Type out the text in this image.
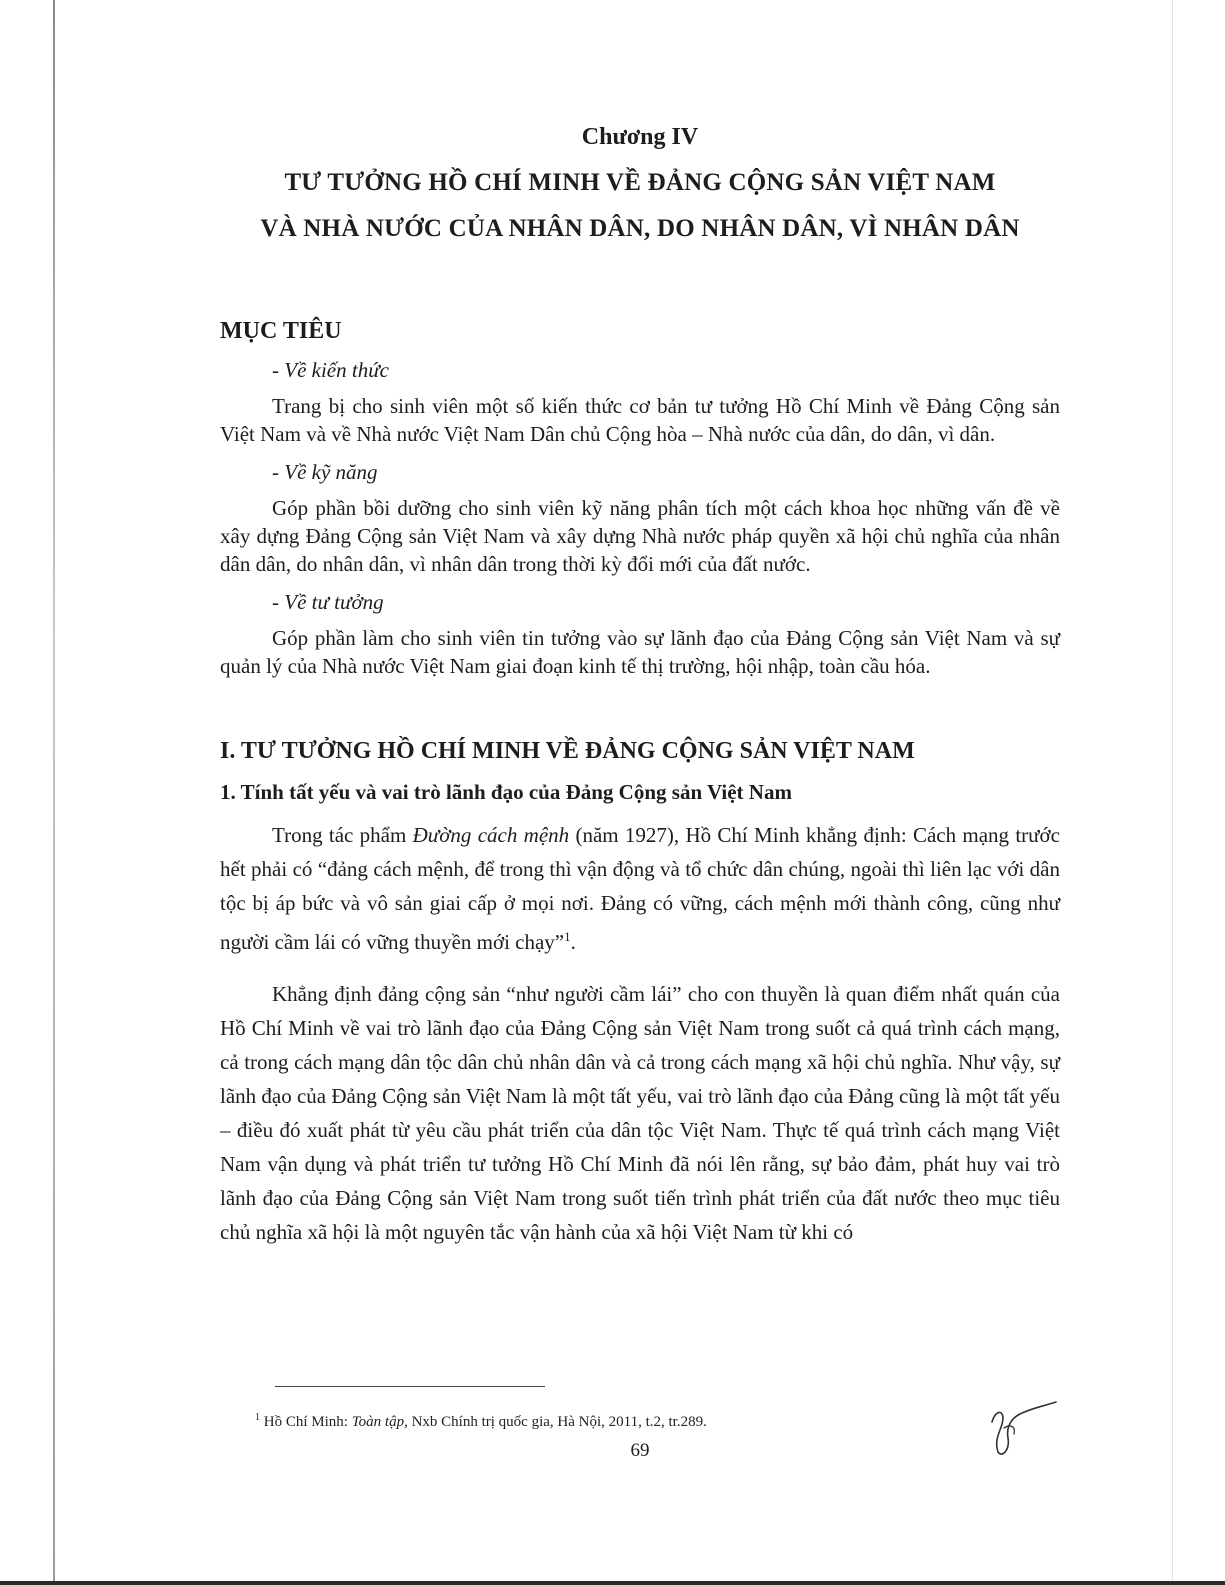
Chương IV

TƯ TƯỞNG HỒ CHÍ MINH VỀ ĐẢNG CỘNG SẢN VIỆT NAM

VÀ NHÀ NƯỚC CỦA NHÂN DÂN, DO NHÂN DÂN, VÌ NHÂN DÂN

MỤC TIÊU

- Về kiến thức

Trang bị cho sinh viên một số kiến thức cơ bản tư tưởng Hồ Chí Minh về Đảng Cộng sản Việt Nam và về Nhà nước Việt Nam Dân chủ Cộng hòa – Nhà nước của dân, do dân, vì dân.

- Về kỹ năng

Góp phần bồi dưỡng cho sinh viên kỹ năng phân tích một cách khoa học những vấn đề về xây dựng Đảng Cộng sản Việt Nam và xây dựng Nhà nước pháp quyền xã hội chủ nghĩa của nhân dân dân, do nhân dân, vì nhân dân trong thời kỳ đổi mới của đất nước.

- Về tư tưởng

Góp phần làm cho sinh viên tin tưởng vào sự lãnh đạo của Đảng Cộng sản Việt Nam và sự quản lý của Nhà nước Việt Nam giai đoạn kinh tế thị trường, hội nhập, toàn cầu hóa.

I. TƯ TƯỞNG HỒ CHÍ MINH VỀ ĐẢNG CỘNG SẢN VIỆT NAM

1. Tính tất yếu và vai trò lãnh đạo của Đảng Cộng sản Việt Nam

Trong tác phẩm Đường cách mệnh (năm 1927), Hồ Chí Minh khẳng định: Cách mạng trước hết phải có “đảng cách mệnh, để trong thì vận động và tổ chức dân chúng, ngoài thì liên lạc với dân tộc bị áp bức và vô sản giai cấp ở mọi nơi. Đảng có vững, cách mệnh mới thành công, cũng như người cầm lái có vững thuyền mới chạy”$^1$.

Khẳng định đảng cộng sản “như người cầm lái” cho con thuyền là quan điểm nhất quán của Hồ Chí Minh về vai trò lãnh đạo của Đảng Cộng sản Việt Nam trong suốt cả quá trình cách mạng, cả trong cách mạng dân tộc dân chủ nhân dân và cả trong cách mạng xã hội chủ nghĩa. Như vậy, sự lãnh đạo của Đảng Cộng sản Việt Nam là một tất yếu, vai trò lãnh đạo của Đảng cũng là một tất yếu – điều đó xuất phát từ yêu cầu phát triển của dân tộc Việt Nam. Thực tế quá trình cách mạng Việt Nam vận dụng và phát triển tư tưởng Hồ Chí Minh đã nói lên rằng, sự bảo đảm, phát huy vai trò lãnh đạo của Đảng Cộng sản Việt Nam trong suốt tiến trình phát triển của đất nước theo mục tiêu chủ nghĩa xã hội là một nguyên tắc vận hành của xã hội Việt Nam từ khi có

$^1$ Hồ Chí Minh: Toàn tập, Nxb Chính trị quốc gia, Hà Nội, 2011, t.2, tr.289.
69
